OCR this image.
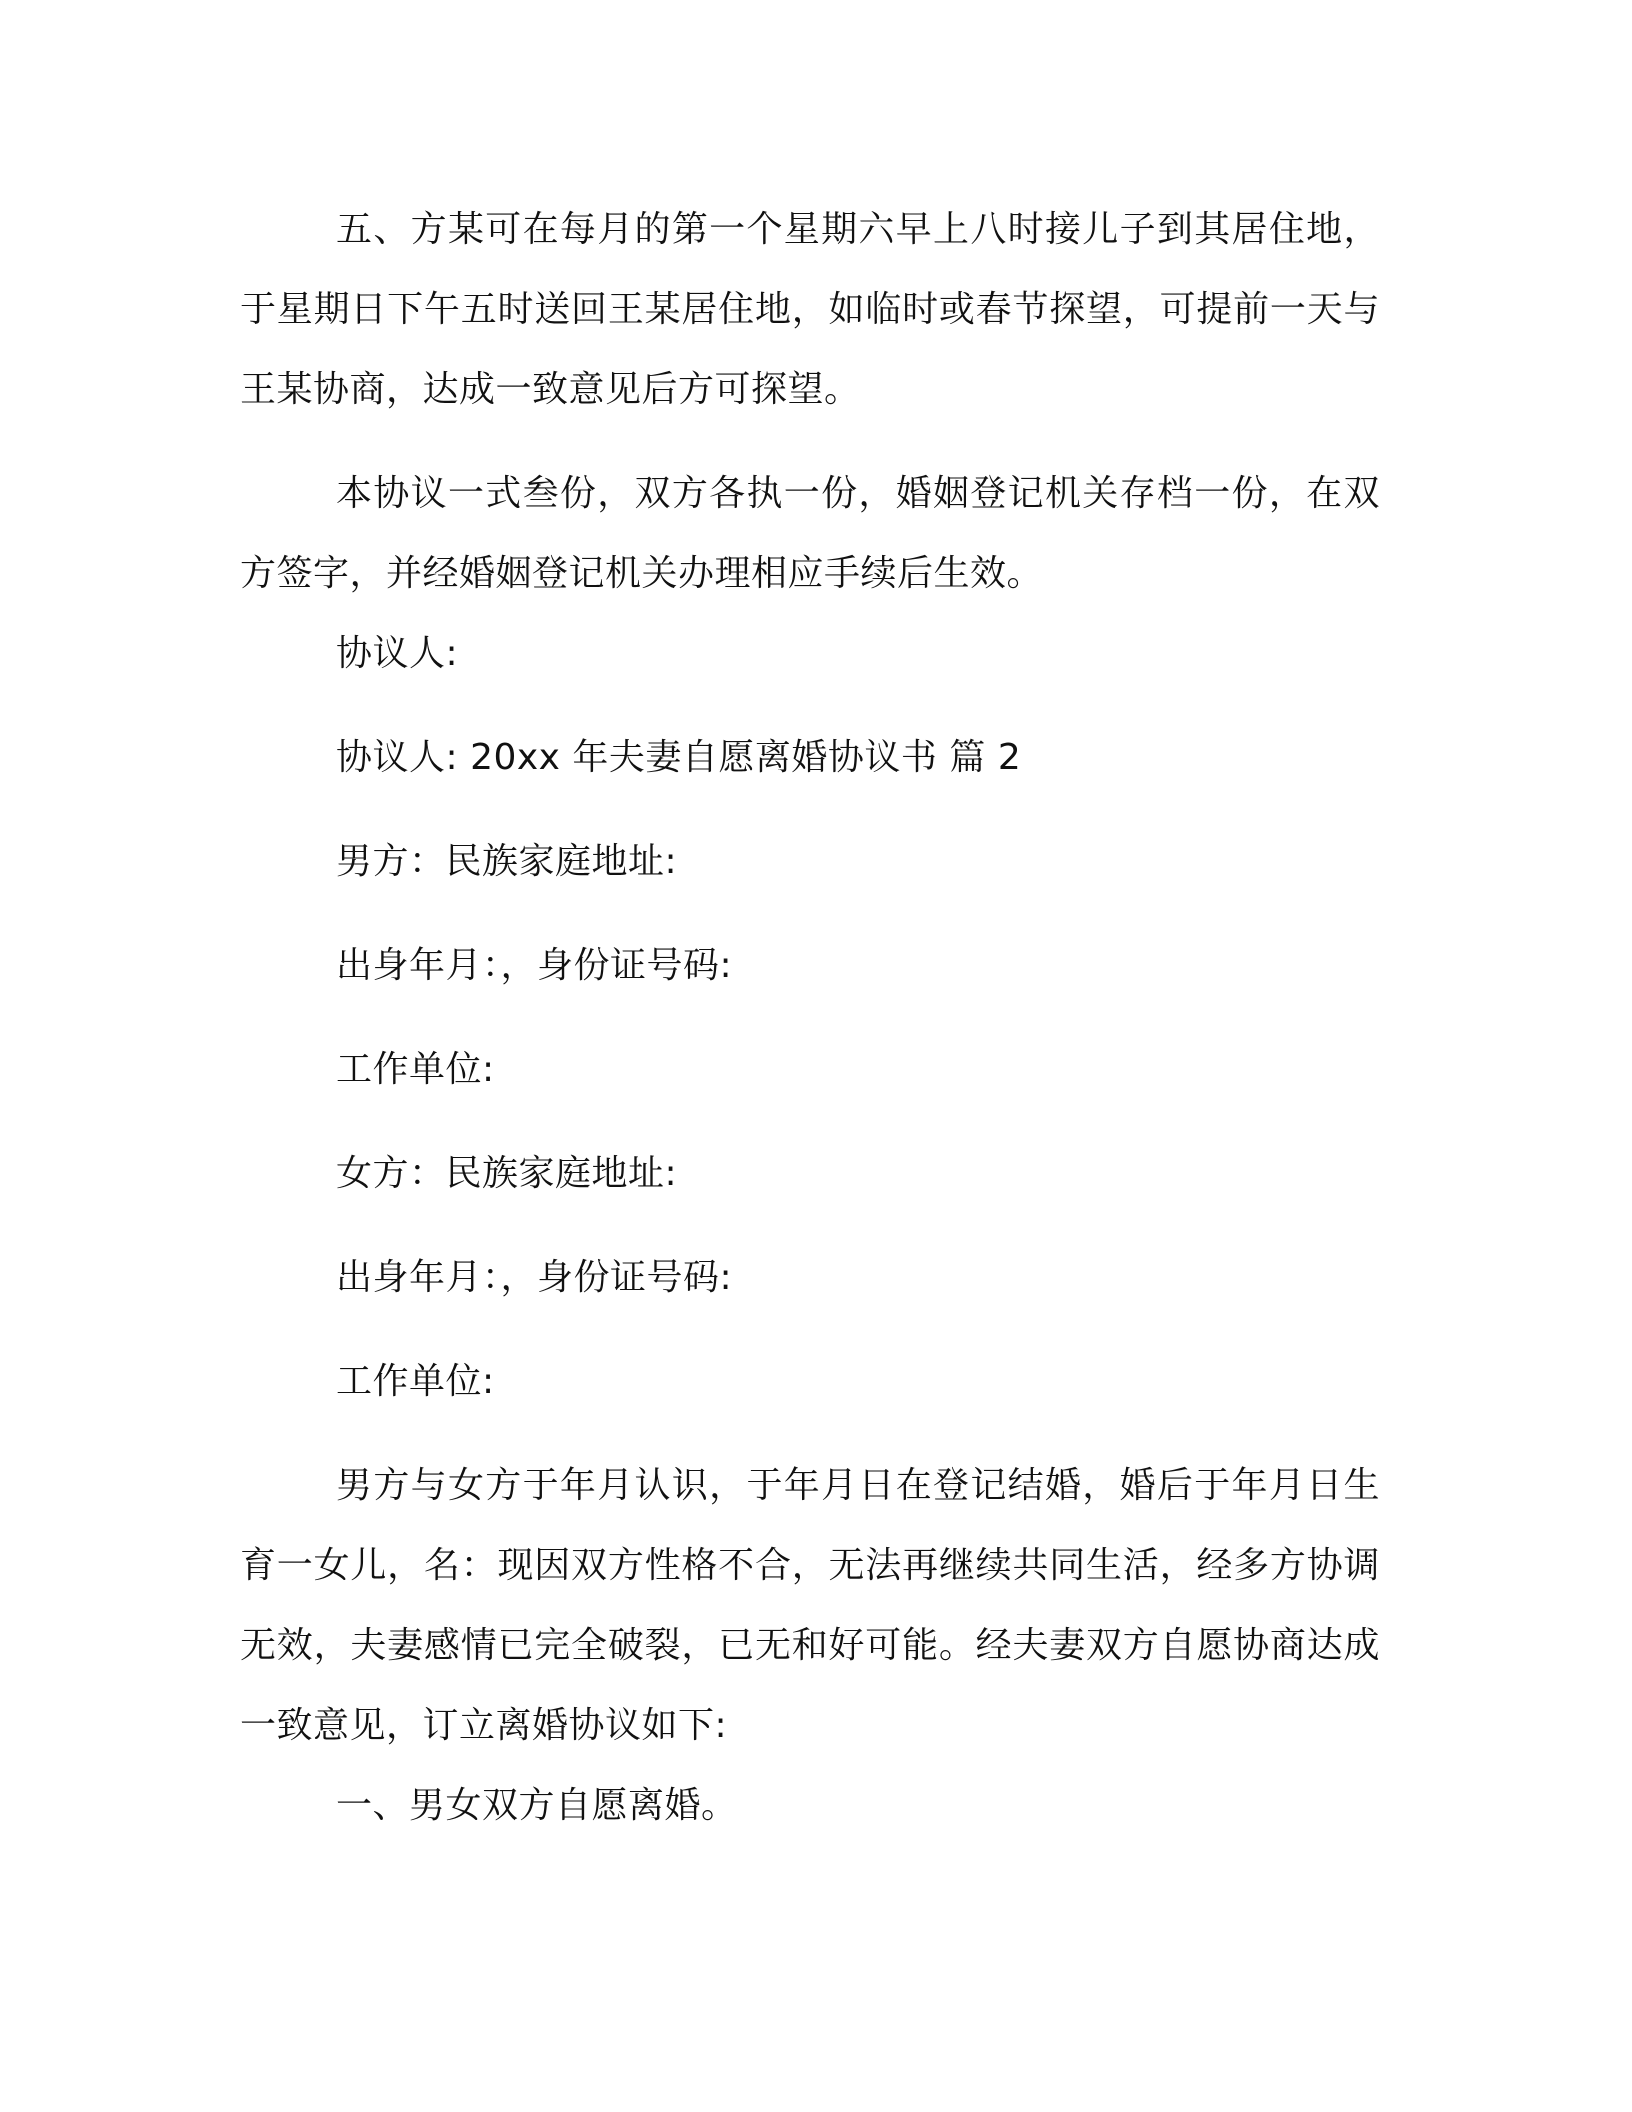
五、方某可在每月的第一个星期六早上八时接儿子到其居住地，于星期日下午五时送回王某居住地，如临时或春节探望，可提前一天与王某协商，达成一致意见后方可探望。

本协议一式叁份，双方各执一份，婚姻登记机关存档一份，在双方签字，并经婚姻登记机关办理相应手续后生效。

协议人:

协议人: 20xx 年夫妻自愿离婚协议书 篇 2

男方：民族家庭地址:

出身年月：，身份证号码:

工作单位:

女方：民族家庭地址:

出身年月：，身份证号码:

工作单位:

男方与女方于年月认识，于年月日在登记结婚，婚后于年月日生育一女儿，名：现因双方性格不合，无法再继续共同生活，经多方协调无效，夫妻感情已完全破裂，已无和好可能。经夫妻双方自愿协商达成一致意见，订立离婚协议如下:

一、男女双方自愿离婚。
